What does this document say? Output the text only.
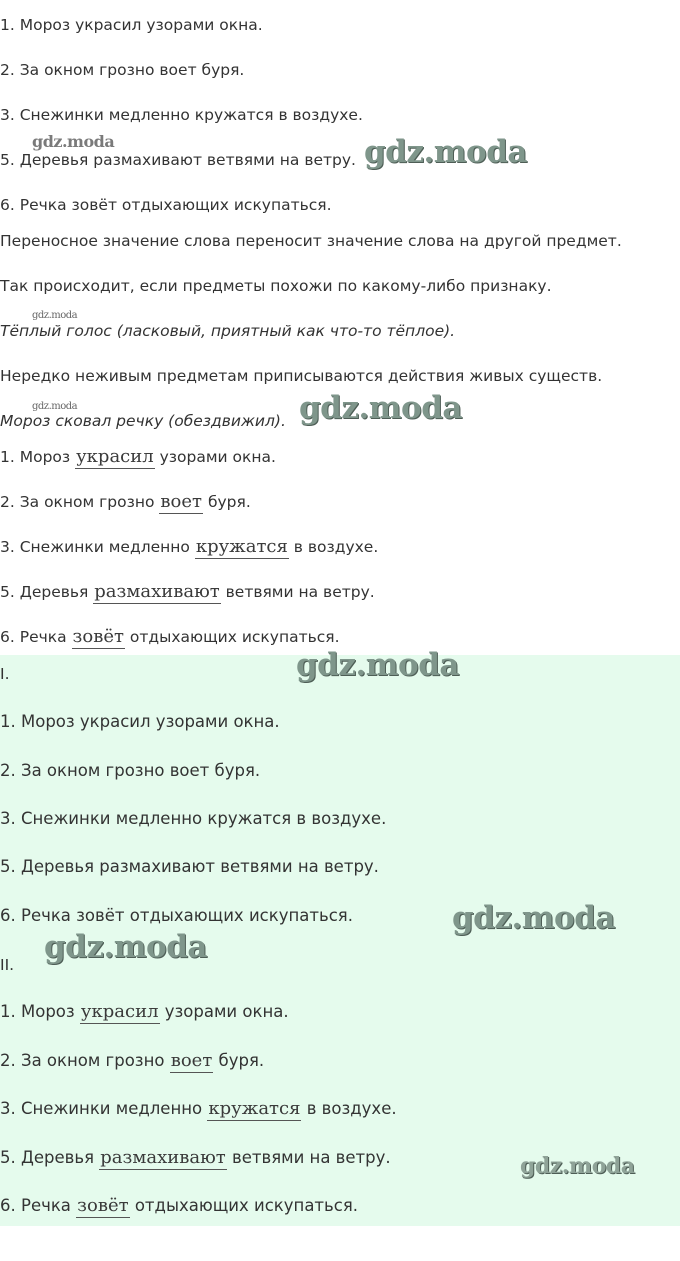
1. Мороз украсил узорами окна.
2. За окном грозно воет буря.
3. Снежинки медленно кружатся в воздухе.
5. Деревья размахивают ветвями на ветру.
6. Речка зовёт отдыхающих искупаться.
Переносное значение слова переносит значение слова на другой предмет.
Так происходит, если предметы похожи по какому-либо признаку.
Тёплый голос (ласковый, приятный как что-то тёплое).
Нередко неживым предметам приписываются действия живых существ.
Мороз сковал речку (обездвижил).
1. Мороз украсил узорами окна.
2. За окном грозно воет буря.
3. Снежинки медленно кружатся в воздухе.
5. Деревья размахивают ветвями на ветру.
6. Речка зовёт отдыхающих искупаться.
I.
1. Мороз украсил узорами окна.
2. За окном грозно воет буря.
3. Снежинки медленно кружатся в воздухе.
5. Деревья размахивают ветвями на ветру.
6. Речка зовёт отдыхающих искупаться.
II.
1. Мороз украсил узорами окна.
2. За окном грозно воет буря.
3. Снежинки медленно кружатся в воздухе.
5. Деревья размахивают ветвями на ветру.
6. Речка зовёт отдыхающих искупаться.
gdz.moda	gdz.moda
gdz.moda
gdz.moda	gdz.moda
gdz.moda
gdz.moda
gdz.moda
gdz.moda
